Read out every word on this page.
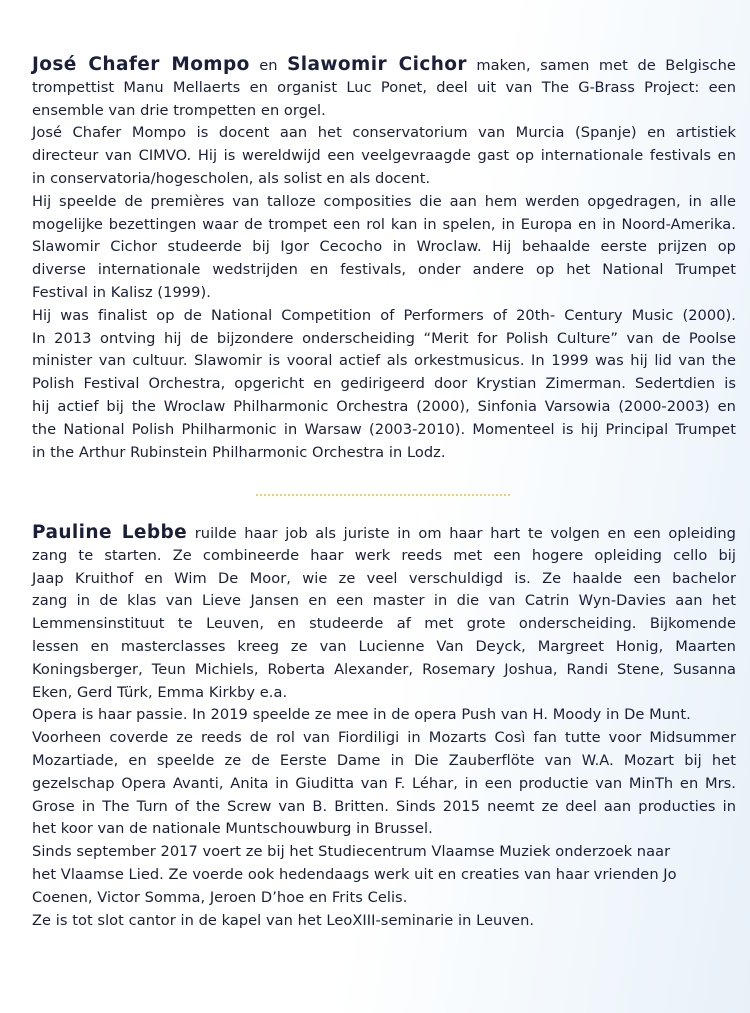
José Chafer Mompo en Slawomir Cichor maken, samen met de Belgische
trompettist Manu Mellaerts en organist Luc Ponet, deel uit van The G-Brass Project: een
ensemble van drie trompetten en orgel.
José Chafer Mompo is docent aan het conservatorium van Murcia (Spanje) en artistiek
directeur van CIMVO. Hij is wereldwijd een veelgevraagde gast op internationale festivals en
in conservatoria/hogescholen, als solist en als docent.
Hij speelde de premières van talloze composities die aan hem werden opgedragen, in alle
mogelijke bezettingen waar de trompet een rol kan in spelen, in Europa en in Noord-Amerika.
Slawomir Cichor studeerde bij Igor Cecocho in Wroclaw. Hij behaalde eerste prijzen op
diverse internationale wedstrijden en festivals, onder andere op het National Trumpet
Festival in Kalisz (1999).
Hij was finalist op de National Competition of Performers of 20th- Century Music (2000).
In 2013 ontving hij de bijzondere onderscheiding “Merit for Polish Culture” van de Poolse
minister van cultuur. Slawomir is vooral actief als orkestmusicus. In 1999 was hij lid van the
Polish Festival Orchestra, opgericht en gedirigeerd door Krystian Zimerman. Sedertdien is
hij actief bij the Wroclaw Philharmonic Orchestra (2000), Sinfonia Varsowia (2000-2003) en
the National Polish Philharmonic in Warsaw (2003-2010). Momenteel is hij Principal Trumpet
in the Arthur Rubinstein Philharmonic Orchestra in Lodz.
Pauline Lebbe ruilde haar job als juriste in om haar hart te volgen en een opleiding
zang te starten. Ze combineerde haar werk reeds met een hogere opleiding cello bij
Jaap Kruithof en Wim De Moor, wie ze veel verschuldigd is. Ze haalde een bachelor
zang in de klas van Lieve Jansen en een master in die van Catrin Wyn-Davies aan het
Lemmensinstituut te Leuven, en studeerde af met grote onderscheiding. Bijkomende
lessen en masterclasses kreeg ze van Lucienne Van Deyck, Margreet Honig, Maarten
Koningsberger, Teun Michiels, Roberta Alexander, Rosemary Joshua, Randi Stene, Susanna
Eken, Gerd Türk, Emma Kirkby e.a.
Opera is haar passie. In 2019 speelde ze mee in de opera Push van H. Moody in De Munt.
Voorheen coverde ze reeds de rol van Fiordiligi in Mozarts Così fan tutte voor Midsummer
Mozartiade, en speelde ze de Eerste Dame in Die Zauberflöte van W.A. Mozart bij het
gezelschap Opera Avanti, Anita in Giuditta van F. Léhar, in een productie van MinTh en Mrs.
Grose in The Turn of the Screw van B. Britten. Sinds 2015 neemt ze deel aan producties in
het koor van de nationale Muntschouwburg in Brussel.
Sinds september 2017 voert ze bij het Studiecentrum Vlaamse Muziek onderzoek naar
het Vlaamse Lied. Ze voerde ook hedendaags werk uit en creaties van haar vrienden Jo
Coenen, Victor Somma, Jeroen D’hoe en Frits Celis.
Ze is tot slot cantor in de kapel van het LeoXIII-seminarie in Leuven.
